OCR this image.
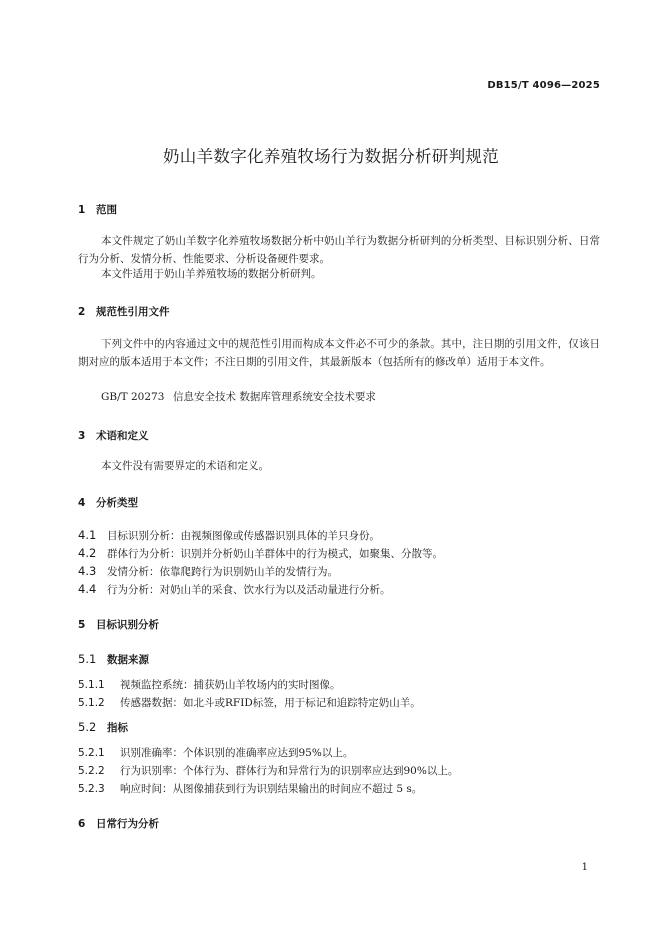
DB15/T 4096—2025
奶山羊数字化养殖牧场行为数据分析研判规范
1 范围
本文件规定了奶山羊数字化养殖牧场数据分析中奶山羊行为数据分析研判的分析类型、目标识别分析、日常行为分析、发情分析、性能要求、分析设备硬件要求。
本文件适用于奶山羊养殖牧场的数据分析研判。
2 规范性引用文件
下列文件中的内容通过文中的规范性引用而构成本文件必不可少的条款。其中，注日期的引用文件，仅该日期对应的版本适用于本文件；不注日期的引用文件，其最新版本（包括所有的修改单）适用于本文件。
GB/T 20273 信息安全技术 数据库管理系统安全技术要求
3 术语和定义
本文件没有需要界定的术语和定义。
4 分析类型
4.1 目标识别分析：由视频图像或传感器识别具体的羊只身份。
4.2 群体行为分析：识别并分析奶山羊群体中的行为模式，如聚集、分散等。
4.3 发情分析：依靠爬跨行为识别奶山羊的发情行为。
4.4 行为分析：对奶山羊的采食、饮水行为以及活动量进行分析。
5 目标识别分析
5.1 数据来源
5.1.1 视频监控系统：捕获奶山羊牧场内的实时图像。
5.1.2 传感器数据：如北斗或RFID标签，用于标记和追踪特定奶山羊。
5.2 指标
5.2.1 识别准确率：个体识别的准确率应达到95%以上。
5.2.2 行为识别率：个体行为、群体行为和异常行为的识别率应达到90%以上。
5.2.3 响应时间：从图像捕获到行为识别结果输出的时间应不超过 5 s。
6 日常行为分析
1
